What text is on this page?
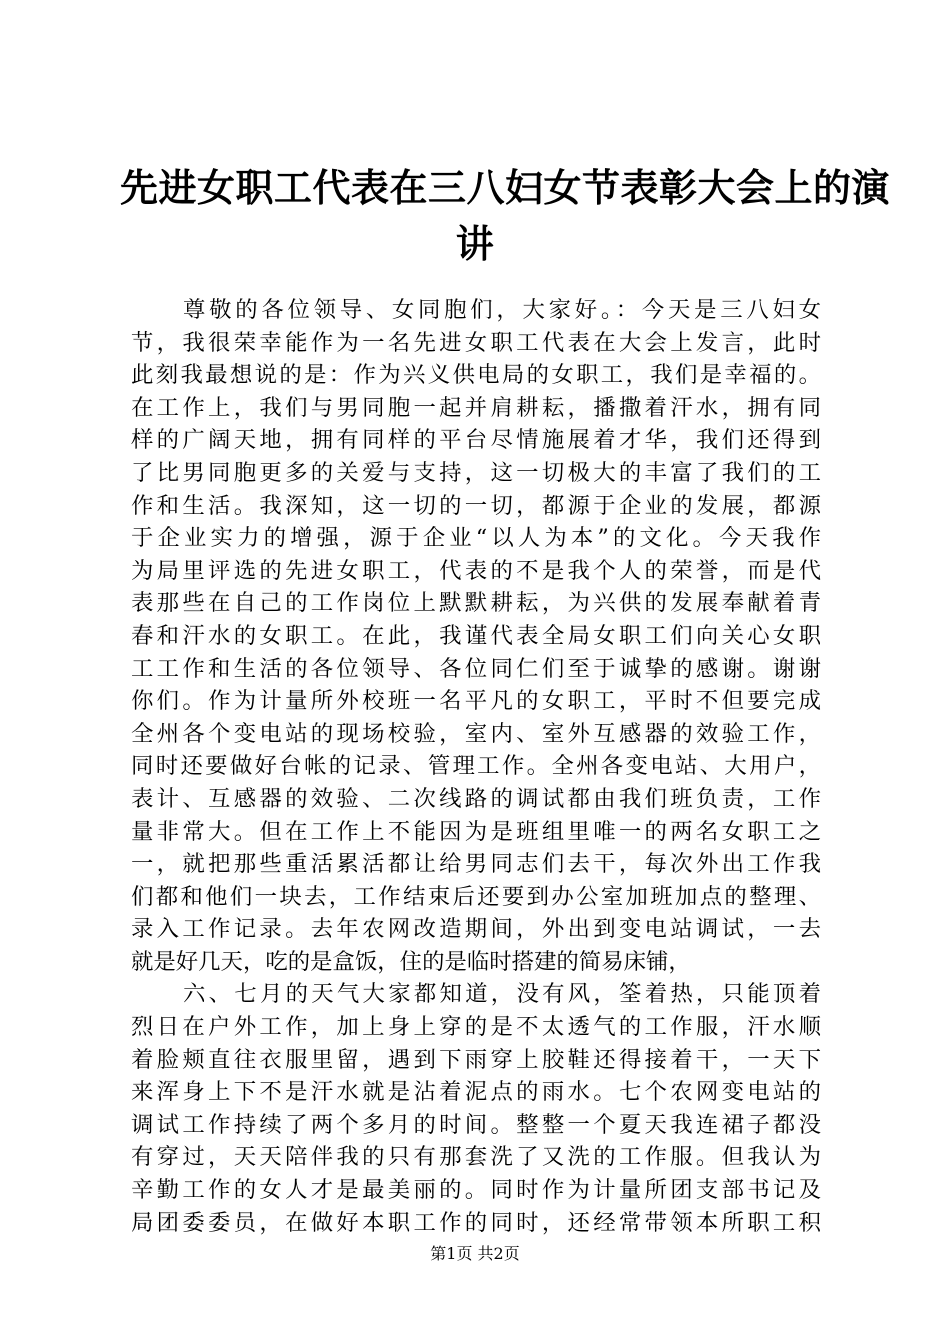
先进女职工代表在三八妇女节表彰大会上的演
讲
尊敬的各位领导、女同胞们，大家好。：今天是三八妇女
节，我很荣幸能作为一名先进女职工代表在大会上发言，此时
此刻我最想说的是：作为兴义供电局的女职工，我们是幸福的。
在工作上，我们与男同胞一起并肩耕耘，播撒着汗水，拥有同
样的广阔天地，拥有同样的平台尽情施展着才华，我们还得到
了比男同胞更多的关爱与支持，这一切极大的丰富了我们的工
作和生活。我深知，这一切的一切，都源于企业的发展，都源
于企业实力的增强，源于企业“以人为本”的文化。今天我作
为局里评选的先进女职工，代表的不是我个人的荣誉，而是代
表那些在自己的工作岗位上默默耕耘，为兴供的发展奉献着青
春和汗水的女职工。在此，我谨代表全局女职工们向关心女职
工工作和生活的各位领导、各位同仁们至于诚挚的感谢。谢谢
你们。作为计量所外校班一名平凡的女职工，平时不但要完成
全州各个变电站的现场校验，室内、室外互感器的效验工作，
同时还要做好台帐的记录、管理工作。全州各变电站、大用户，
表计、互感器的效验、二次线路的调试都由我们班负责，工作
量非常大。但在工作上不能因为是班组里唯一的两名女职工之
一，就把那些重活累活都让给男同志们去干，每次外出工作我
们都和他们一块去，工作结束后还要到办公室加班加点的整理、
录入工作记录。去年农网改造期间，外出到变电站调试，一去
就是好几天，吃的是盒饭，住的是临时搭建的简易床铺，
六、七月的天气大家都知道，没有风，筌着热，只能顶着
烈日在户外工作，加上身上穿的是不太透气的工作服，汗水顺
着脸颊直往衣服里留，遇到下雨穿上胶鞋还得接着干，一天下
来浑身上下不是汗水就是沾着泥点的雨水。七个农网变电站的
调试工作持续了两个多月的时间。整整一个夏天我连裙子都没
有穿过，天天陪伴我的只有那套洗了又洗的工作服。但我认为
辛勤工作的女人才是最美丽的。同时作为计量所团支部书记及
局团委委员，在做好本职工作的同时，还经常带领本所职工积
第1页 共2页
